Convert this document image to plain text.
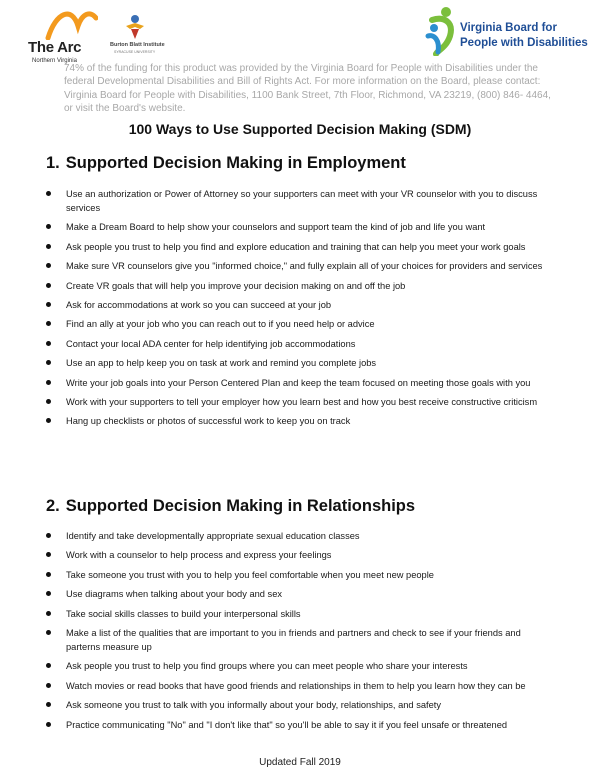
The Arc
Northern Virginia
Burton Blatt Institute
SYRACUSE UNIVERSITY
Virginia Board for
People with Disabilities

74% of the funding for this product was provided by the Virginia Board for People with Disabilities under the federal Developmental Disabilities and Bill of Rights Act. For more information on the Board, please contact: Virginia Board for People with Disabilities, 1100 Bank Street, 7th Floor, Richmond, VA 23219, (800) 846- 4464, or visit the Board's website.

100 Ways to Use Supported Decision Making (SDM)
1. Supported Decision Making in Employment
Use an authorization or Power of Attorney so your supporters can meet with your VR counselor with you to discuss services
Make a Dream Board to help show your counselors and support team the kind of job and life you want
Ask people you trust to help you find and explore education and training that can help you meet your work goals
Make sure VR counselors give you "informed choice," and fully explain all of your choices for providers and services
Create VR goals that will help you improve your decision making on and off the job
Ask for accommodations at work so you can succeed at your job
Find an ally at your job who you can reach out to if you need help or advice
Contact your local ADA center for help identifying job accommodations
Use an app to help keep you on task at work and remind you complete jobs
Write your job goals into your Person Centered Plan and keep the team focused on meeting those goals with you
Work with your supporters to tell your employer how you learn best and how you best receive constructive criticism
Hang up checklists or photos of successful work to keep you on track
2. Supported Decision Making in Relationships
Identify and take developmentally appropriate sexual education classes
Work with a counselor to help process and express your feelings
Take someone you trust with you to help you feel comfortable when you meet new people
Use diagrams when talking about your body and sex
Take social skills classes to build your interpersonal skills
Make a list of the qualities that are important to you in friends and partners and check to see if your friends and parterns measure up
Ask people you trust to help you find groups where you can meet people who share your interests
Watch movies or read books that have good friends and relationships in them to help you learn how they can be
Ask someone you trust to talk with you informally about your body, relationships, and safety
Practice communicating "No" and "I don't like that" so you'll be able to say it if you feel unsafe or threatened
Updated Fall 2019
